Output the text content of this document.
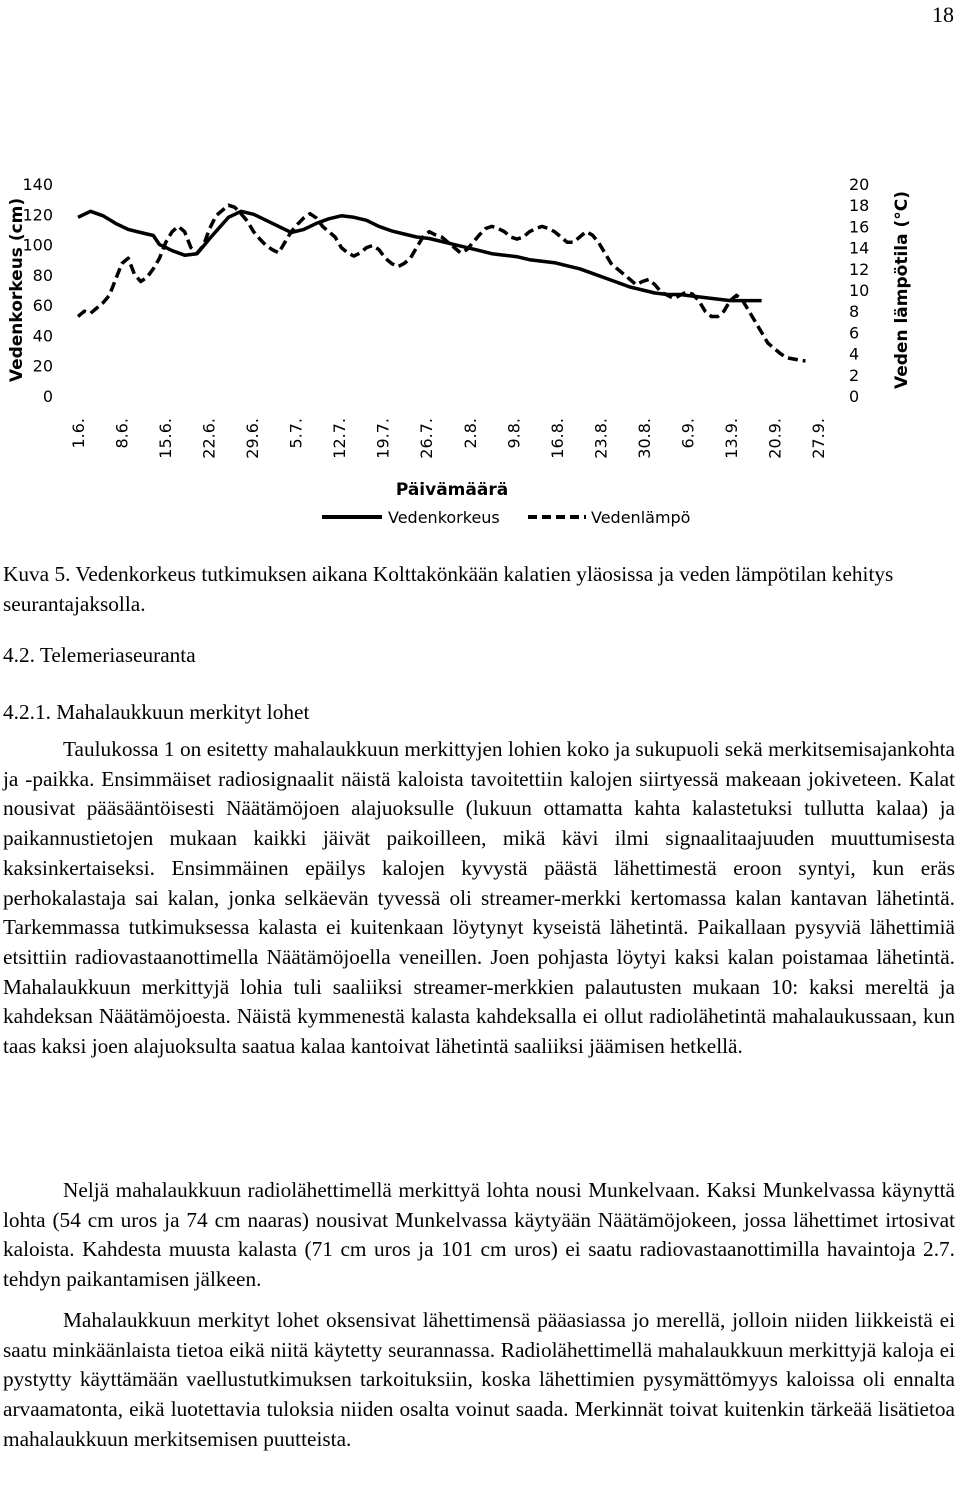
18
0
20
40
60
80
100
120
140
0
2
4
6
8
10
12
14
16
18
20
1.6. 8.6. 15.6. 22.6. 29.6. 5.7. 12.7. 19.7. 26.7. 2.8. 9.8. 16.8. 23.8. 30.8. 6.9. 13.9. 20.9. 27.9.
Vedenkorkeus (cm)	Veden lämpötila (°C)
Päivämäärä
Vedenkorkeus	Vedenlämpö
Kuva 5. Vedenkorkeus tutkimuksen aikana Kolttakönkään kalatien yläosissa ja veden lämpötilan kehitys seurantajaksolla.
4.2. Telemeriaseuranta
4.2.1. Mahalaukkuun merkityt lohet

Taulukossa 1 on esitetty mahalaukkuun merkittyjen lohien koko ja sukupuoli sekä merkitsemisajankohta ja -paikka. Ensimmäiset radiosignaalit näistä kaloista tavoitettiin kalojen siirtyessä makeaan jokiveteen. Kalat nousivat pääsääntöisesti Näätämöjoen alajuoksulle (lukuun ottamatta kahta kalastetuksi tullutta kalaa) ja paikannustietojen mukaan kaikki jäivät paikoilleen, mikä kävi ilmi signaalitaajuuden muuttumisesta kaksinkertaiseksi. Ensimmäinen epäilys kalojen kyvystä päästä lähettimestä eroon syntyi, kun eräs perhokalastaja sai kalan, jonka selkäevän tyvessä oli streamer-merkki kertomassa kalan kantavan lähetintä. Tarkemmassa tutkimuksessa kalasta ei kuitenkaan löytynyt kyseistä lähetintä. Paikallaan pysyviä lähettimiä etsittiin radiovastaanottimella Näätämöjoella veneillen. Joen pohjasta löytyi kaksi kalan poistamaa lähetintä. Mahalaukkuun merkittyjä lohia tuli saaliiksi streamer-merkkien palautusten mukaan 10: kaksi mereltä ja kahdeksan Näätämöjoesta. Näistä kymmenestä kalasta kahdeksalla ei ollut radiolähetintä mahalaukussaan, kun taas kaksi joen alajuoksulta saatua kalaa kantoivat lähetintä saaliiksi jäämisen hetkellä.

Neljä mahalaukkuun radiolähettimellä merkittyä lohta nousi Munkelvaan. Kaksi Munkelvassa käynyttä lohta (54 cm uros ja 74 cm naaras) nousivat Munkelvassa käytyään Näätämöjokeen, jossa lähettimet irtosivat kaloista. Kahdesta muusta kalasta (71 cm uros ja 101 cm uros) ei saatu radiovastaanottimilla havaintoja 2.7. tehdyn paikantamisen jälkeen.

Mahalaukkuun merkityt lohet oksensivat lähettimensä pääasiassa jo merellä, jolloin niiden liikkeistä ei saatu minkäänlaista tietoa eikä niitä käytetty seurannassa. Radiolähettimellä mahalaukkuun merkittyjä kaloja ei pystytty käyttämään vaellustutkimuksen tarkoituksiin, koska lähettimien pysymättömyys kaloissa oli ennalta arvaamatonta, eikä luotettavia tuloksia niiden osalta voinut saada. Merkinnät toivat kuitenkin tärkeää lisätietoa mahalaukkuun merkitsemisen puutteista.
